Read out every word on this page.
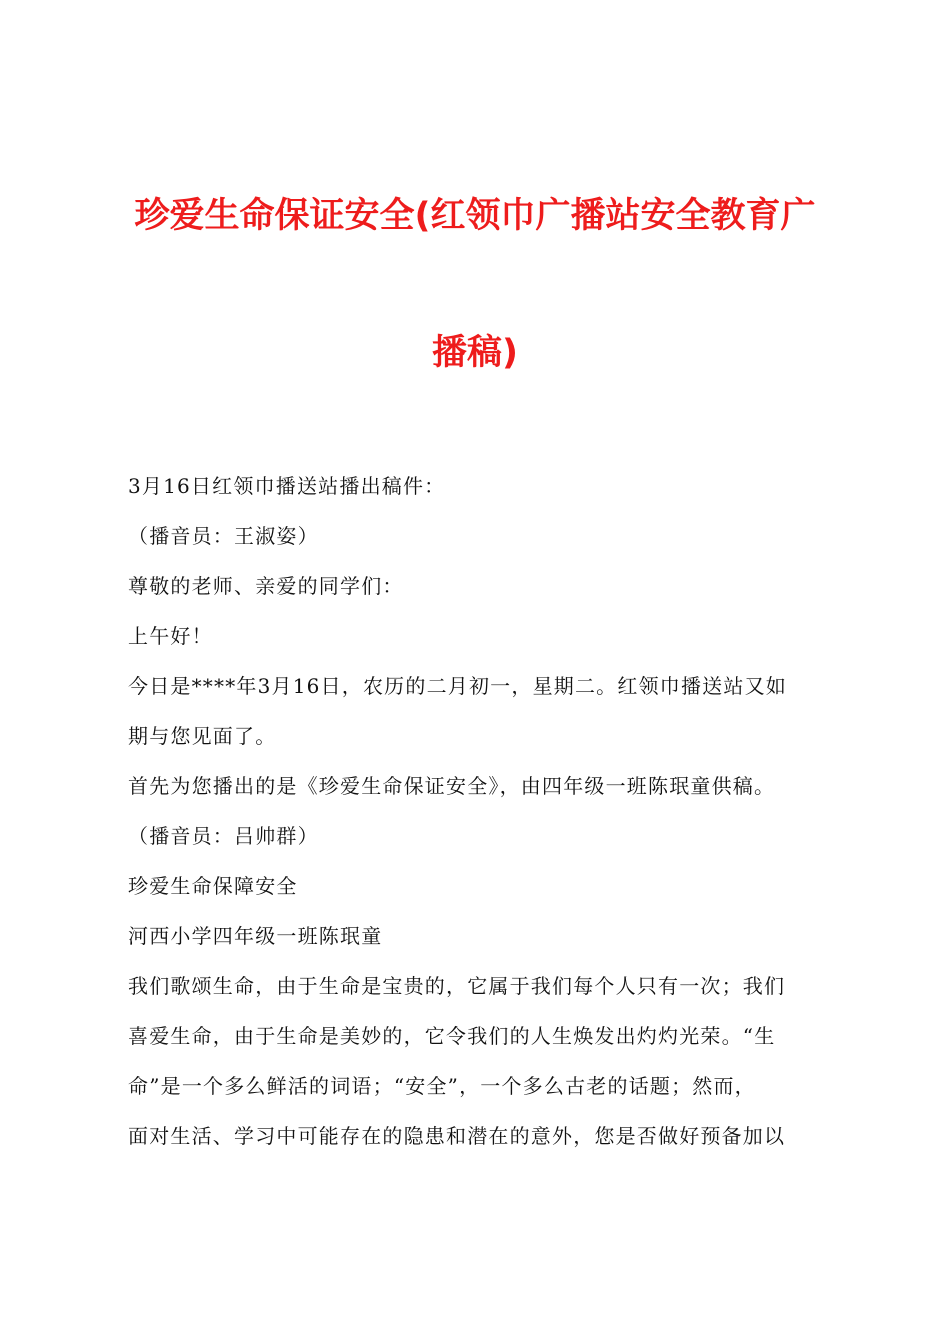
珍爱生命保证安全(红领巾广播站安全教育广
播稿)
3月16日红领巾播送站播出稿件：
（播音员：王淑姿）
尊敬的老师、亲爱的同学们：
上午好！
今日是****年3月16日，农历的二月初一，星期二。红领巾播送站又如
期与您见面了。
首先为您播出的是《珍爱生命保证安全》，由四年级一班陈珉童供稿。
（播音员：吕帅群）
珍爱生命保障安全
河西小学四年级一班陈珉童
我们歌颂生命，由于生命是宝贵的，它属于我们每个人只有一次；我们
喜爱生命，由于生命是美妙的，它令我们的人生焕发出灼灼光荣。“生
命”是一个多么鲜活的词语；“安全”，一个多么古老的话题；然而，
面对生活、学习中可能存在的隐患和潜在的意外，您是否做好预备加以
